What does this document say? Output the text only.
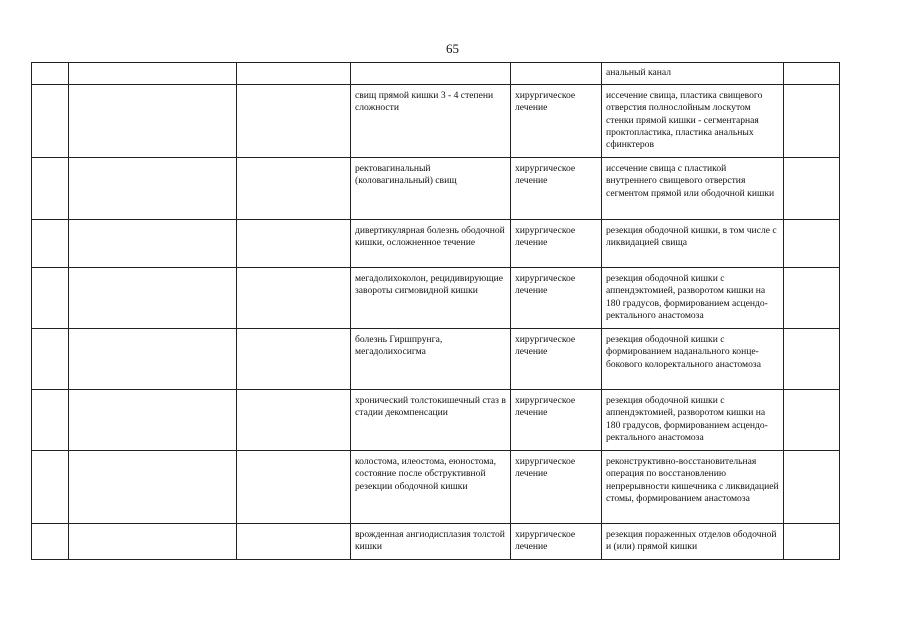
65
					анальный канал	
			свищ прямой кишки 3 - 4 степени сложности	хирургическое лечение	иссечение свища, пластика свищевого отверстия полнослойным лоскутом стенки прямой кишки - сегментарная проктопластика, пластика анальных сфинктеров	
			ректовагинальный (коловагинальный) свищ	хирургическое лечение	иссечение свища с пластикой внутреннего свищевого отверстия сегментом прямой или ободочной кишки	
			дивертикулярная болезнь ободочной кишки, осложненное течение	хирургическое лечение	резекция ободочной кишки, в том числе с ликвидацией свища	
			мегадолихоколон, рецидивирующие завороты сигмовидной кишки	хирургическое лечение	резекция ободочной кишки с аппендэктомией, разворотом кишки на 180 градусов, формированием асцендо-ректального анастомоза	
			болезнь Гиршпрунга, мегадолихосигма	хирургическое лечение	резекция ободочной кишки с формированием наданального конце-бокового колоректального анастомоза	
			хронический толстокишечный стаз в стадии декомпенсации	хирургическое лечение	резекция ободочной кишки с аппендэктомией, разворотом кишки на 180 градусов, формированием асцендо-ректального анастомоза	
			колостома, илеостома, еюностома, состояние после обструктивной резекции ободочной кишки	хирургическое лечение	реконструктивно-восстановительная операция по восстановлению непрерывности кишечника с ликвидацией стомы, формированием анастомоза	
			врожденная ангиодисплазия толстой кишки	хирургическое лечение	резекция пораженных отделов ободочной и (или) прямой кишки	
